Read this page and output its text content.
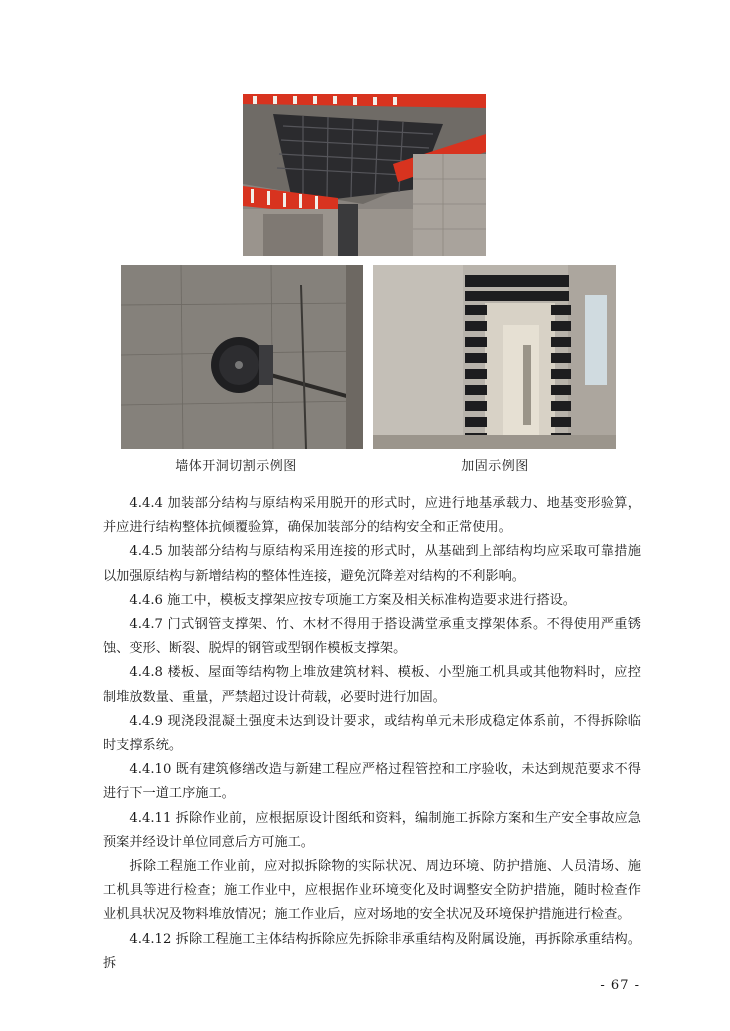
墙体开洞切割示例图	加固示例图

4.4.4 加装部分结构与原结构采用脱开的形式时，应进行地基承载力、地基变形验算，并应进行结构整体抗倾覆验算，确保加装部分的结构安全和正常使用。

4.4.5 加装部分结构与原结构采用连接的形式时，从基础到上部结构均应采取可靠措施以加强原结构与新增结构的整体性连接，避免沉降差对结构的不利影响。

4.4.6 施工中，模板支撑架应按专项施工方案及相关标准构造要求进行搭设。

4.4.7 门式钢管支撑架、竹、木材不得用于搭设满堂承重支撑架体系。不得使用严重锈蚀、变形、断裂、脱焊的钢管或型钢作模板支撑架。

4.4.8 楼板、屋面等结构物上堆放建筑材料、模板、小型施工机具或其他物料时，应控制堆放数量、重量，严禁超过设计荷载，必要时进行加固。

4.4.9 现浇段混凝土强度未达到设计要求，或结构单元未形成稳定体系前，不得拆除临时支撑系统。

4.4.10 既有建筑修缮改造与新建工程应严格过程管控和工序验收，未达到规范要求不得进行下一道工序施工。

4.4.11 拆除作业前，应根据原设计图纸和资料，编制施工拆除方案和生产安全事故应急预案并经设计单位同意后方可施工。

拆除工程施工作业前，应对拟拆除物的实际状况、周边环境、防护措施、人员清场、施工机具等进行检查；施工作业中，应根据作业环境变化及时调整安全防护措施，随时检查作业机具状况及物料堆放情况；施工作业后，应对场地的安全状况及环境保护措施进行检查。

4.4.12 拆除工程施工主体结构拆除应先拆除非承重结构及附属设施，再拆除承重结构。拆

- 67 -
